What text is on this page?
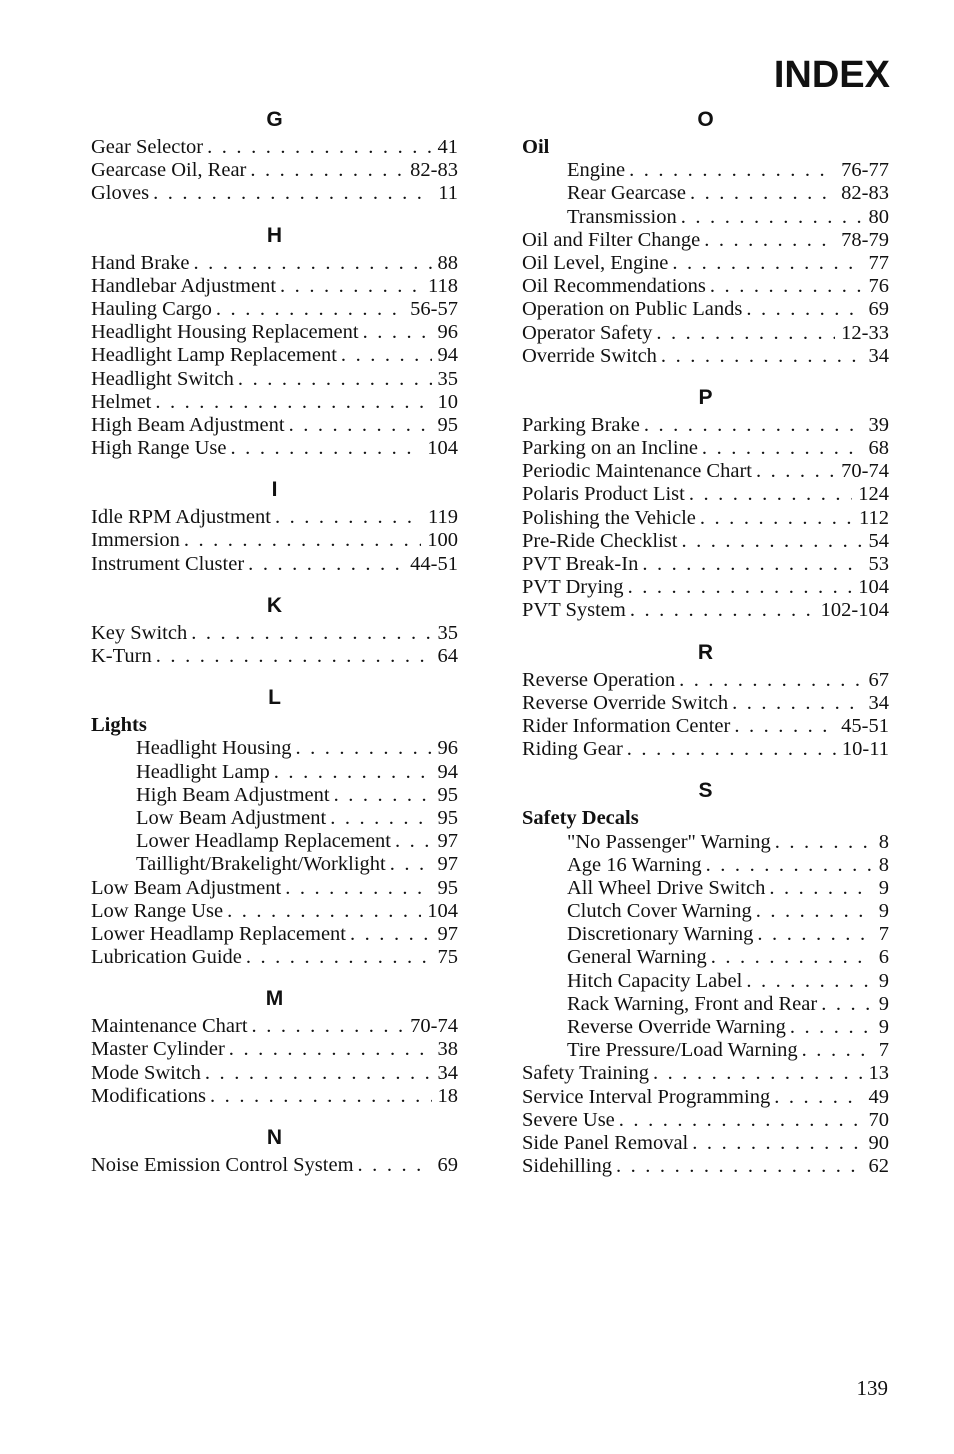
INDEX
G
Gear Selector . . .	41
Gearcase Oil, Rear . . .	82-83
Gloves . . .	11
H
Hand Brake . . .	88
Handlebar Adjustment . . .	118
Hauling Cargo . . .	56-57
Headlight Housing Replacement . . .	96
Headlight Lamp Replacement . . .	94
Headlight Switch . . .	35
Helmet . . .	10
High Beam Adjustment . . .	95
High Range Use . . .	104
I
Idle RPM Adjustment . . .	119
Immersion . . .	100
Instrument Cluster . . .	44-51
K
Key Switch . . .	35
K-Turn . . .	64
L
Lights
Headlight Housing . . .	96
Headlight Lamp . . .	94
High Beam Adjustment . . .	95
Low Beam Adjustment . . .	95
Lower Headlamp Replacement . . . 97
Taillight/Brakelight/Worklight . . .	97
Low Beam Adjustment . . .	95
Low Range Use . . .	104
Lower Headlamp Replacement . . .	97
Lubrication Guide . . .	75
M
Maintenance Chart . . .	70-74
Master Cylinder . . .	38
Mode Switch . . .	34
Modifications . . .	18
N
Noise Emission Control System . . .	69
O
Oil
Engine . . .	76-77
Rear Gearcase . . .	82-83
Transmission . . .	80
Oil and Filter Change . . .	78-79
Oil Level, Engine . . .	77
Oil Recommendations . . .	76
Operation on Public Lands . . .	69
Operator Safety . . .	12-33
Override Switch . . .	34
P
Parking Brake . . .	39
Parking on an Incline . . .	68
Periodic Maintenance Chart . . .	70-74
Polaris Product List . . .	124
Polishing the Vehicle . . .	112
Pre-Ride Checklist . . .	54
PVT Break-In . . .	53
PVT Drying . . .	104
PVT System . . .	102-104
R
Reverse Operation . . .	67
Reverse Override Switch . . .	34
Rider Information Center . . .	45-51
Riding Gear . . .	10-11
S
Safety Decals
"No Passenger" Warning . . .	8
Age 16 Warning . . .	8
All Wheel Drive Switch . . .	9
Clutch Cover Warning . . .	9
Discretionary Warning . . .	7
General Warning . . .	6
Hitch Capacity Label . . .	9
Rack Warning, Front and Rear . . .	9
Reverse Override Warning . . .	9
Tire Pressure/Load Warning . . .	7
Safety Training . . .	13
Service Interval Programming . . .	49
Severe Use . . .	70
Side Panel Removal . . .	90
Sidehilling . . .	62
139
